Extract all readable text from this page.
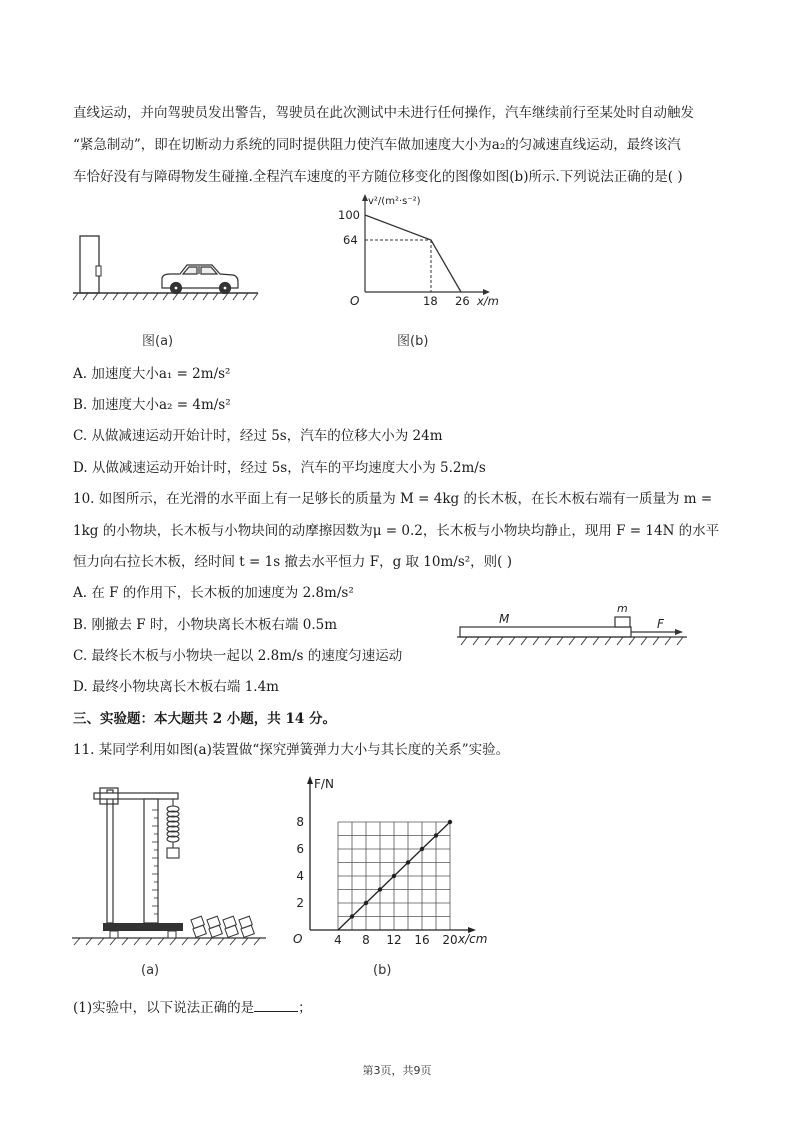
直线运动，并向驾驶员发出警告，驾驶员在此次测试中未进行任何操作，汽车继续前行至某处时自动触发
“紧急制动”，即在切断动力系统的同时提供阻力使汽车做加速度大小为a₂的匀减速直线运动，最终该汽
车恰好没有与障碍物发生碰撞.全程汽车速度的平方随位移变化的图像如图(b)所示.下列说法正确的是( )
图(a)
v²/(m²·s⁻²)
100
64
O	18 26 x/m
图(b)
A. 加速度大小a₁ = 2m/s²
B. 加速度大小a₂ = 4m/s²
C. 从做减速运动开始计时，经过 5s，汽车的位移大小为 24m
D. 从做减速运动开始计时，经过 5s，汽车的平均速度大小为 5.2m/s
10. 如图所示，在光滑的水平面上有一足够长的质量为 M = 4kg 的长木板，在长木板右端有一质量为 m =
1kg 的小物块，长木板与小物块间的动摩擦因数为μ = 0.2，长木板与小物块均静止，现用 F = 14N 的水平
恒力向右拉长木板，经时间 t = 1s 撤去水平恒力 F，g 取 10m/s²，则( )
A. 在 F 的作用下，长木板的加速度为 2.8m/s²
B. 刚撤去 F 时，小物块离长木板右端 0.5m
C. 最终长木板与小物块一起以 2.8m/s 的速度匀速运动
D. 最终小物块离长木板右端 1.4m
M
m
F
三、实验题：本大题共 2 小题，共 14 分。
11. 某同学利用如图(a)装置做“探究弹簧弹力大小与其长度的关系”实验。
(a)
F/N
x/cm
O	4 8 12 16 20
2
4
6
8
(b)
(1)实验中，以下说法正确的是	；
第3页，共9页
